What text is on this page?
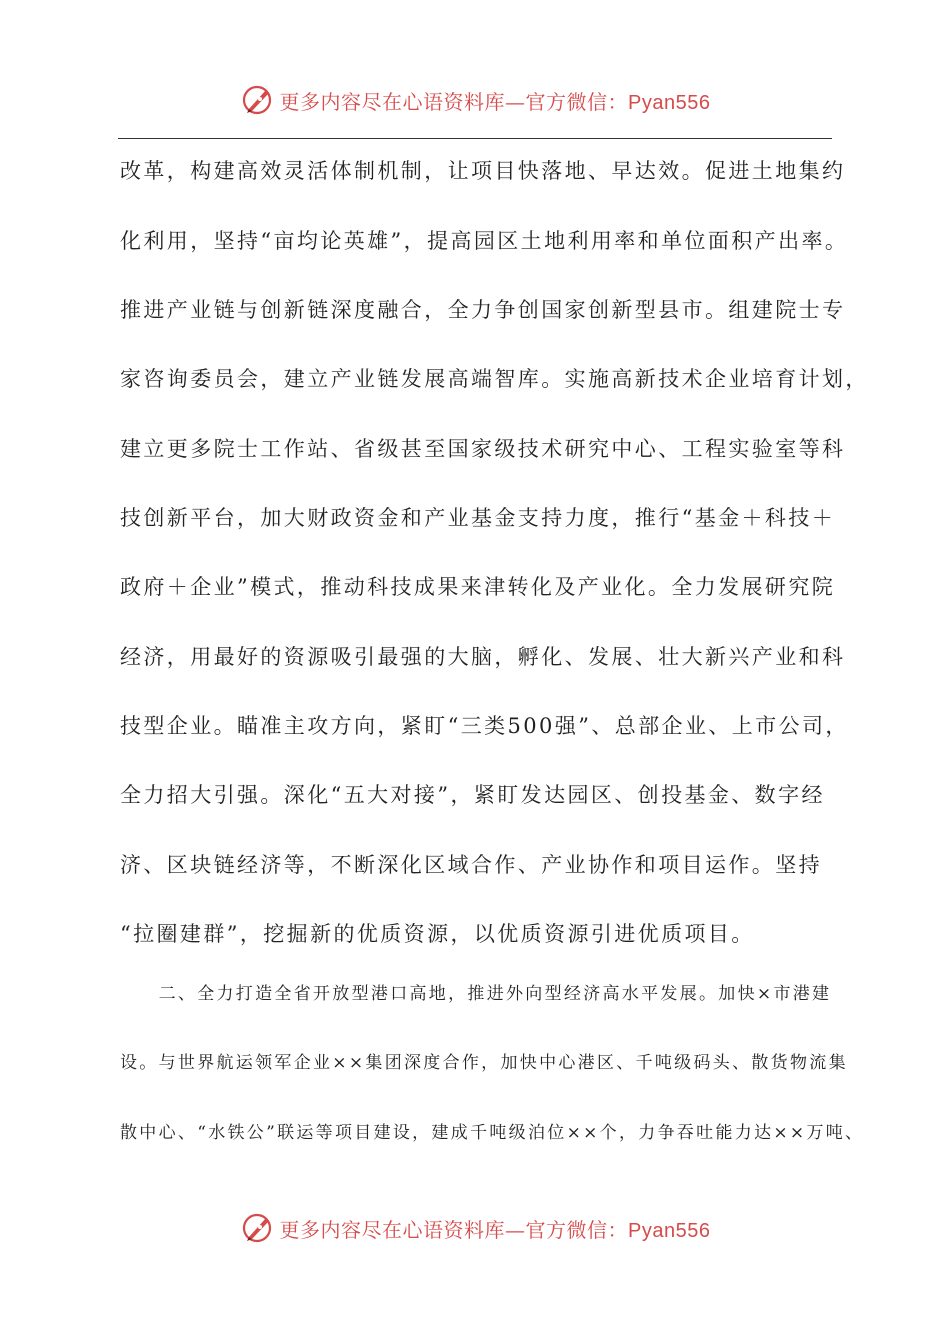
更多内容尽在心语资料库—官方微信：Pyan556
改革，构建高效灵活体制机制，让项目快落地、早达效。促进土地集约
化利用，坚持“亩均论英雄”，提高园区土地利用率和单位面积产出率。
推进产业链与创新链深度融合，全力争创国家创新型县市。组建院士专
家咨询委员会，建立产业链发展高端智库。实施高新技术企业培育计划，
建立更多院士工作站、省级甚至国家级技术研究中心、工程实验室等科
技创新平台，加大财政资金和产业基金支持力度，推行“基金＋科技＋
政府＋企业”模式，推动科技成果来津转化及产业化。全力发展研究院
经济，用最好的资源吸引最强的大脑，孵化、发展、壮大新兴产业和科
技型企业。瞄准主攻方向，紧盯“三类500强”、总部企业、上市公司，
全力招大引强。深化“五大对接”，紧盯发达园区、创投基金、数字经
济、区块链经济等，不断深化区域合作、产业协作和项目运作。坚持
“拉圈建群”，挖掘新的优质资源，以优质资源引进优质项目。
　　二、全力打造全省开放型港口高地，推进外向型经济高水平发展。加快×市港建
设。与世界航运领军企业××集团深度合作，加快中心港区、千吨级码头、散货物流集
散中心、“水铁公”联运等项目建设，建成千吨级泊位××个，力争吞吐能力达××万吨、
更多内容尽在心语资料库—官方微信：Pyan556
